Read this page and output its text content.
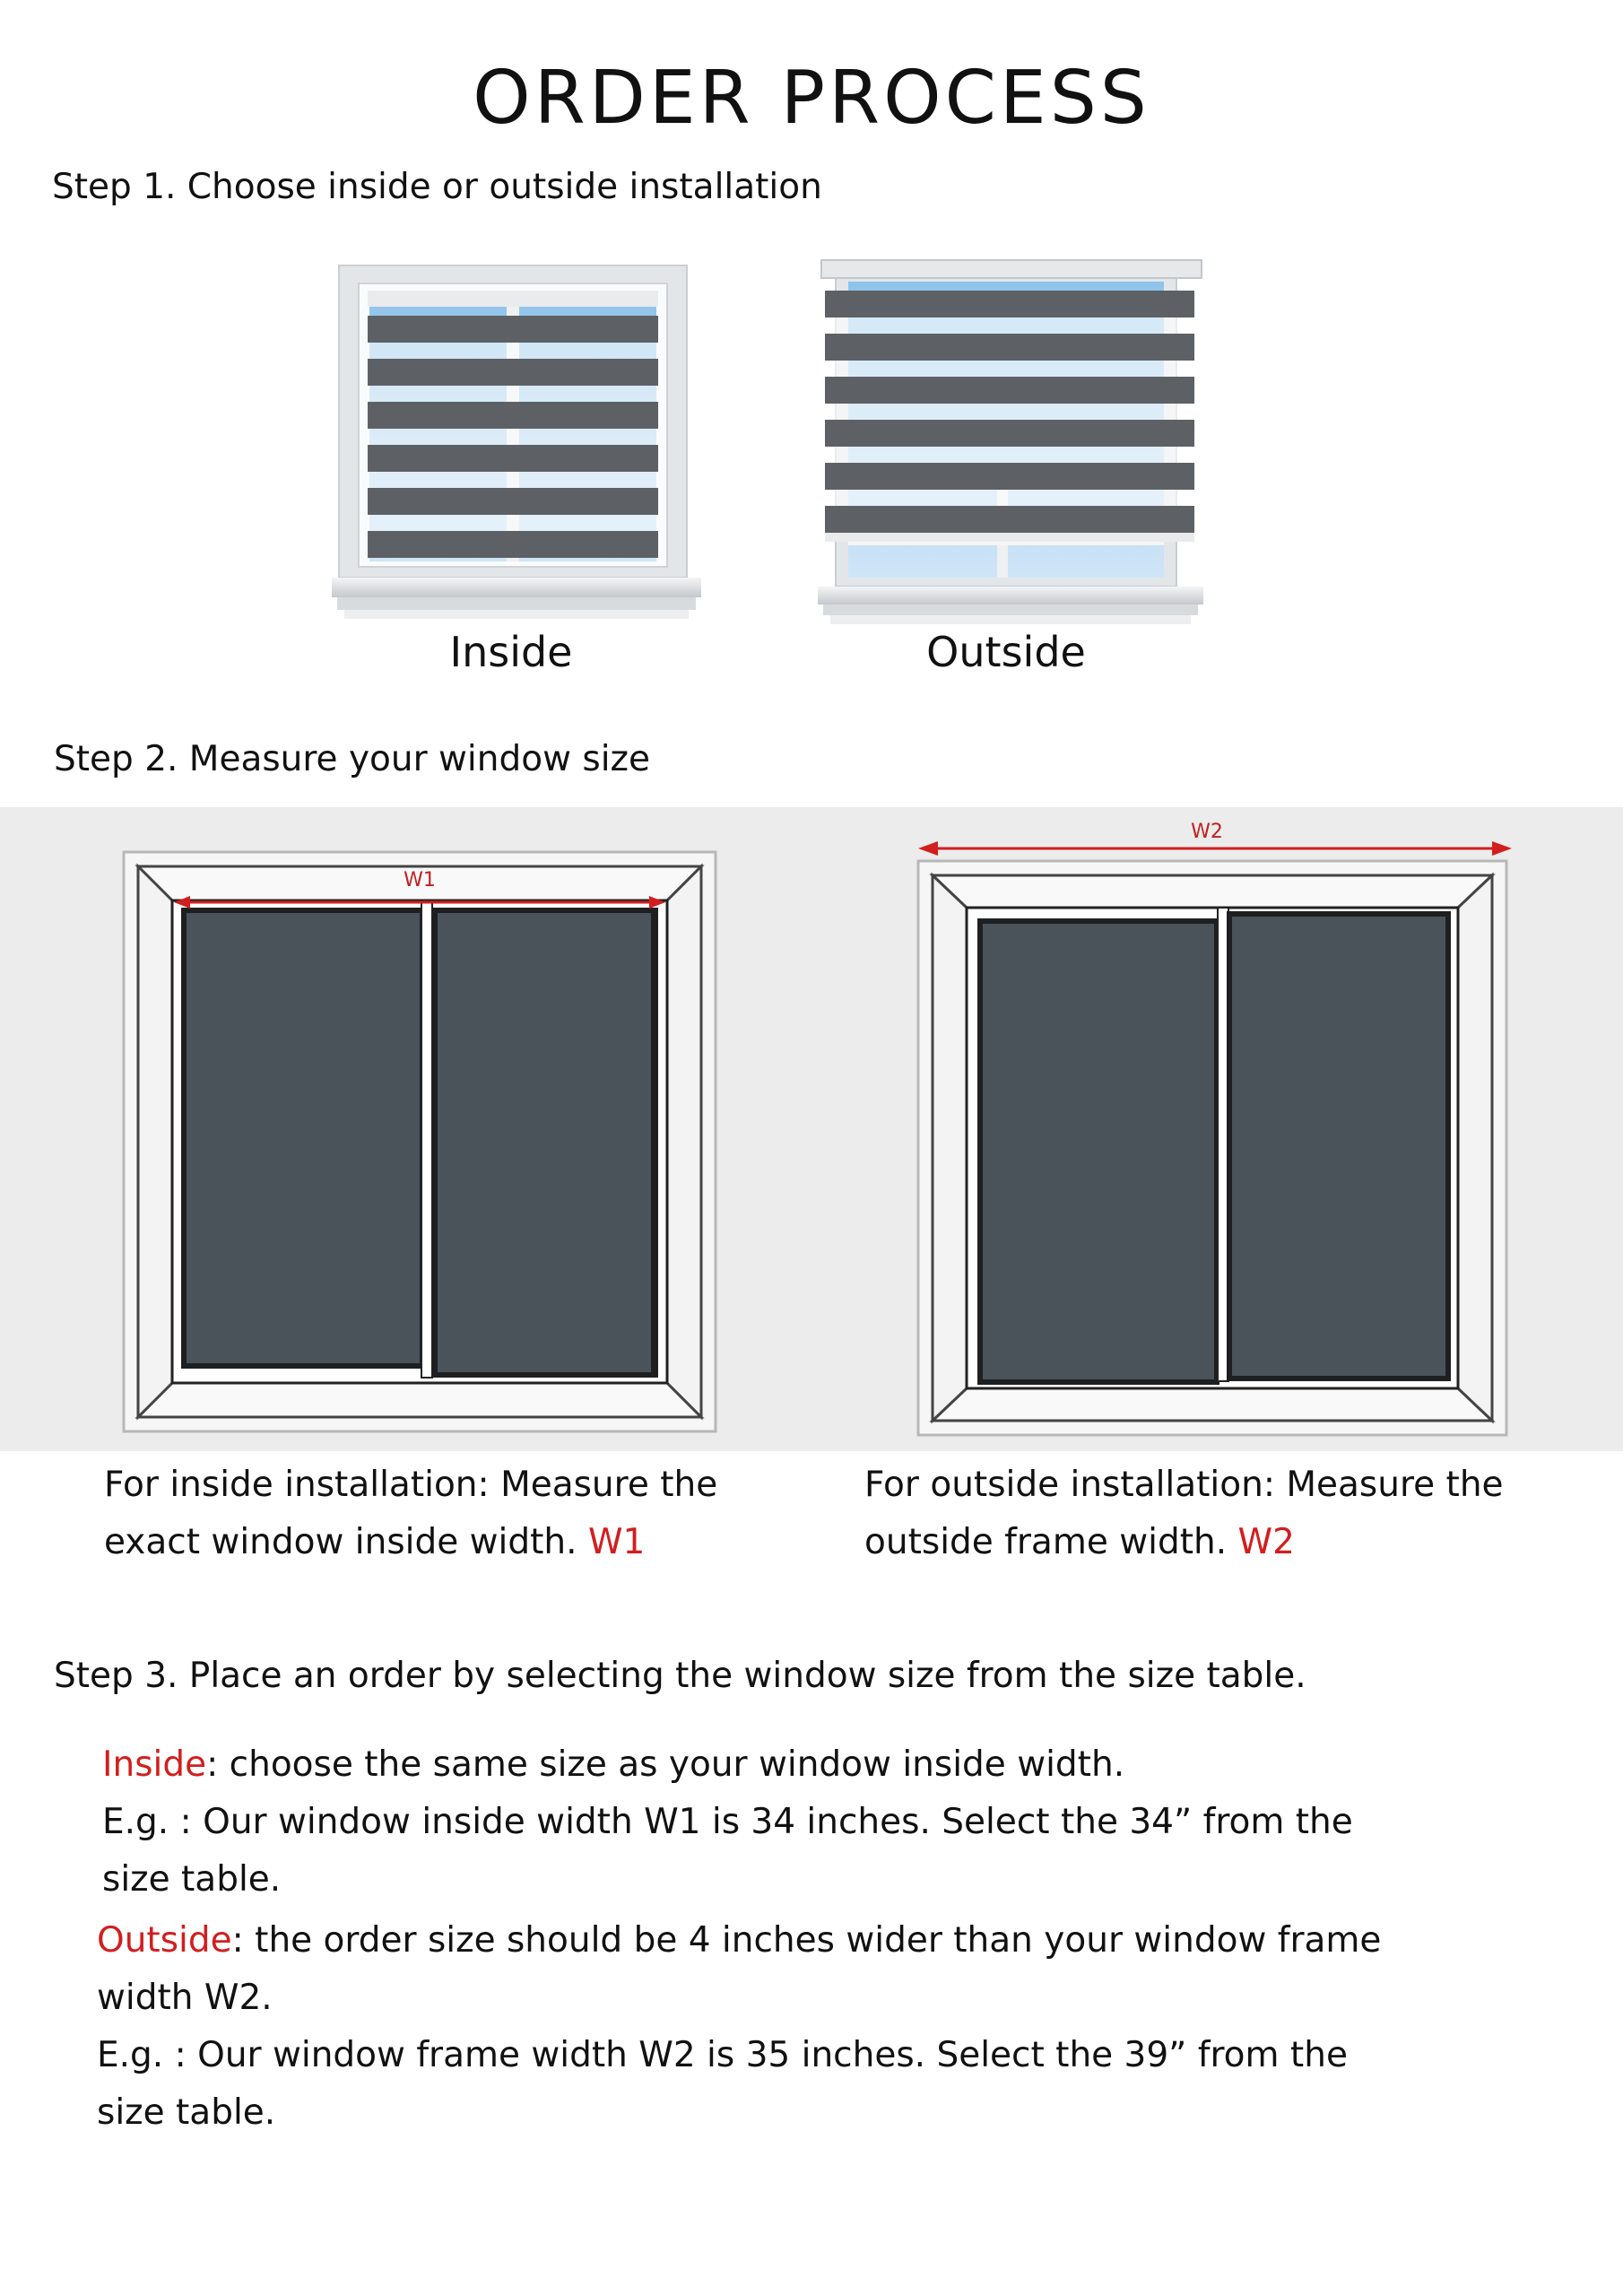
ORDER PROCESS
Step 1. Choose inside or outside installation
Inside	Outside
Step 2. Measure your window size
W1
W2
For inside installation: Measure the
exact window inside width. W1
For outside installation: Measure the
outside frame width. W2
Step 3. Place an order by selecting the window size from the size table.
Inside: choose the same size as your window inside width.
E.g. : Our window inside width W1 is 34 inches. Select the 34” from the
size table.
Outside: the order size should be 4 inches wider than your window frame
width W2.
E.g. : Our window frame width W2 is 35 inches. Select the 39” from the
size table.
